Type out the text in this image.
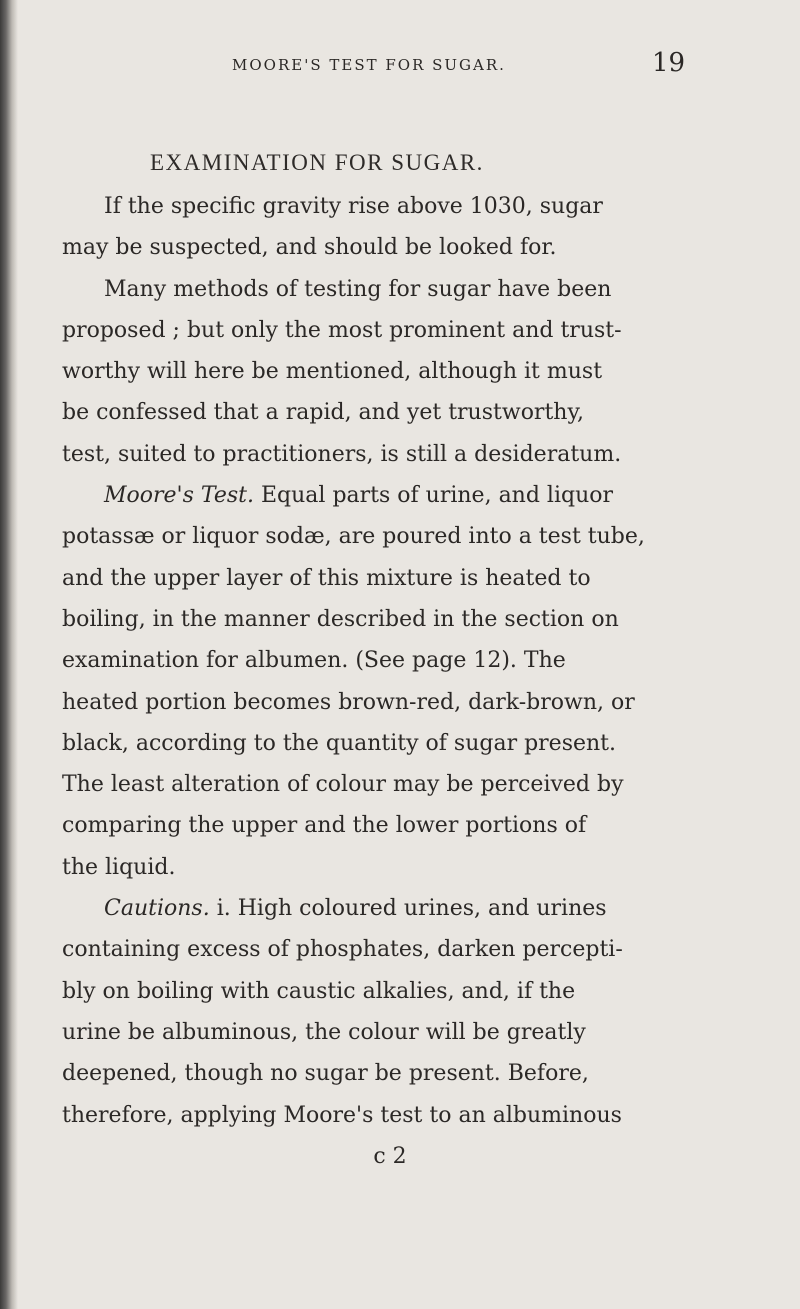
MOORE'S TEST FOR SUGAR.	19
EXAMINATION FOR SUGAR.
If the specific gravity rise above 1030, sugar
may be suspected, and should be looked for.
Many methods of testing for sugar have been
proposed ; but only the most prominent and trust-
worthy will here be mentioned, although it must
be confessed that a rapid, and yet trustworthy,
test, suited to practitioners, is still a desideratum.
Moore's Test. Equal parts of urine, and liquor
potassæ or liquor sodæ, are poured into a test tube,
and the upper layer of this mixture is heated to
boiling, in the manner described in the section on
examination for albumen. (See page 12). The
heated portion becomes brown-red, dark-brown, or
black, according to the quantity of sugar present.
The least alteration of colour may be perceived by
comparing the upper and the lower portions of
the liquid.
Cautions. i. High coloured urines, and urines
containing excess of phosphates, darken percepti-
bly on boiling with caustic alkalies, and, if the
urine be albuminous, the colour will be greatly
deepened, though no sugar be present. Before,
therefore, applying Moore's test to an albuminous
c 2
